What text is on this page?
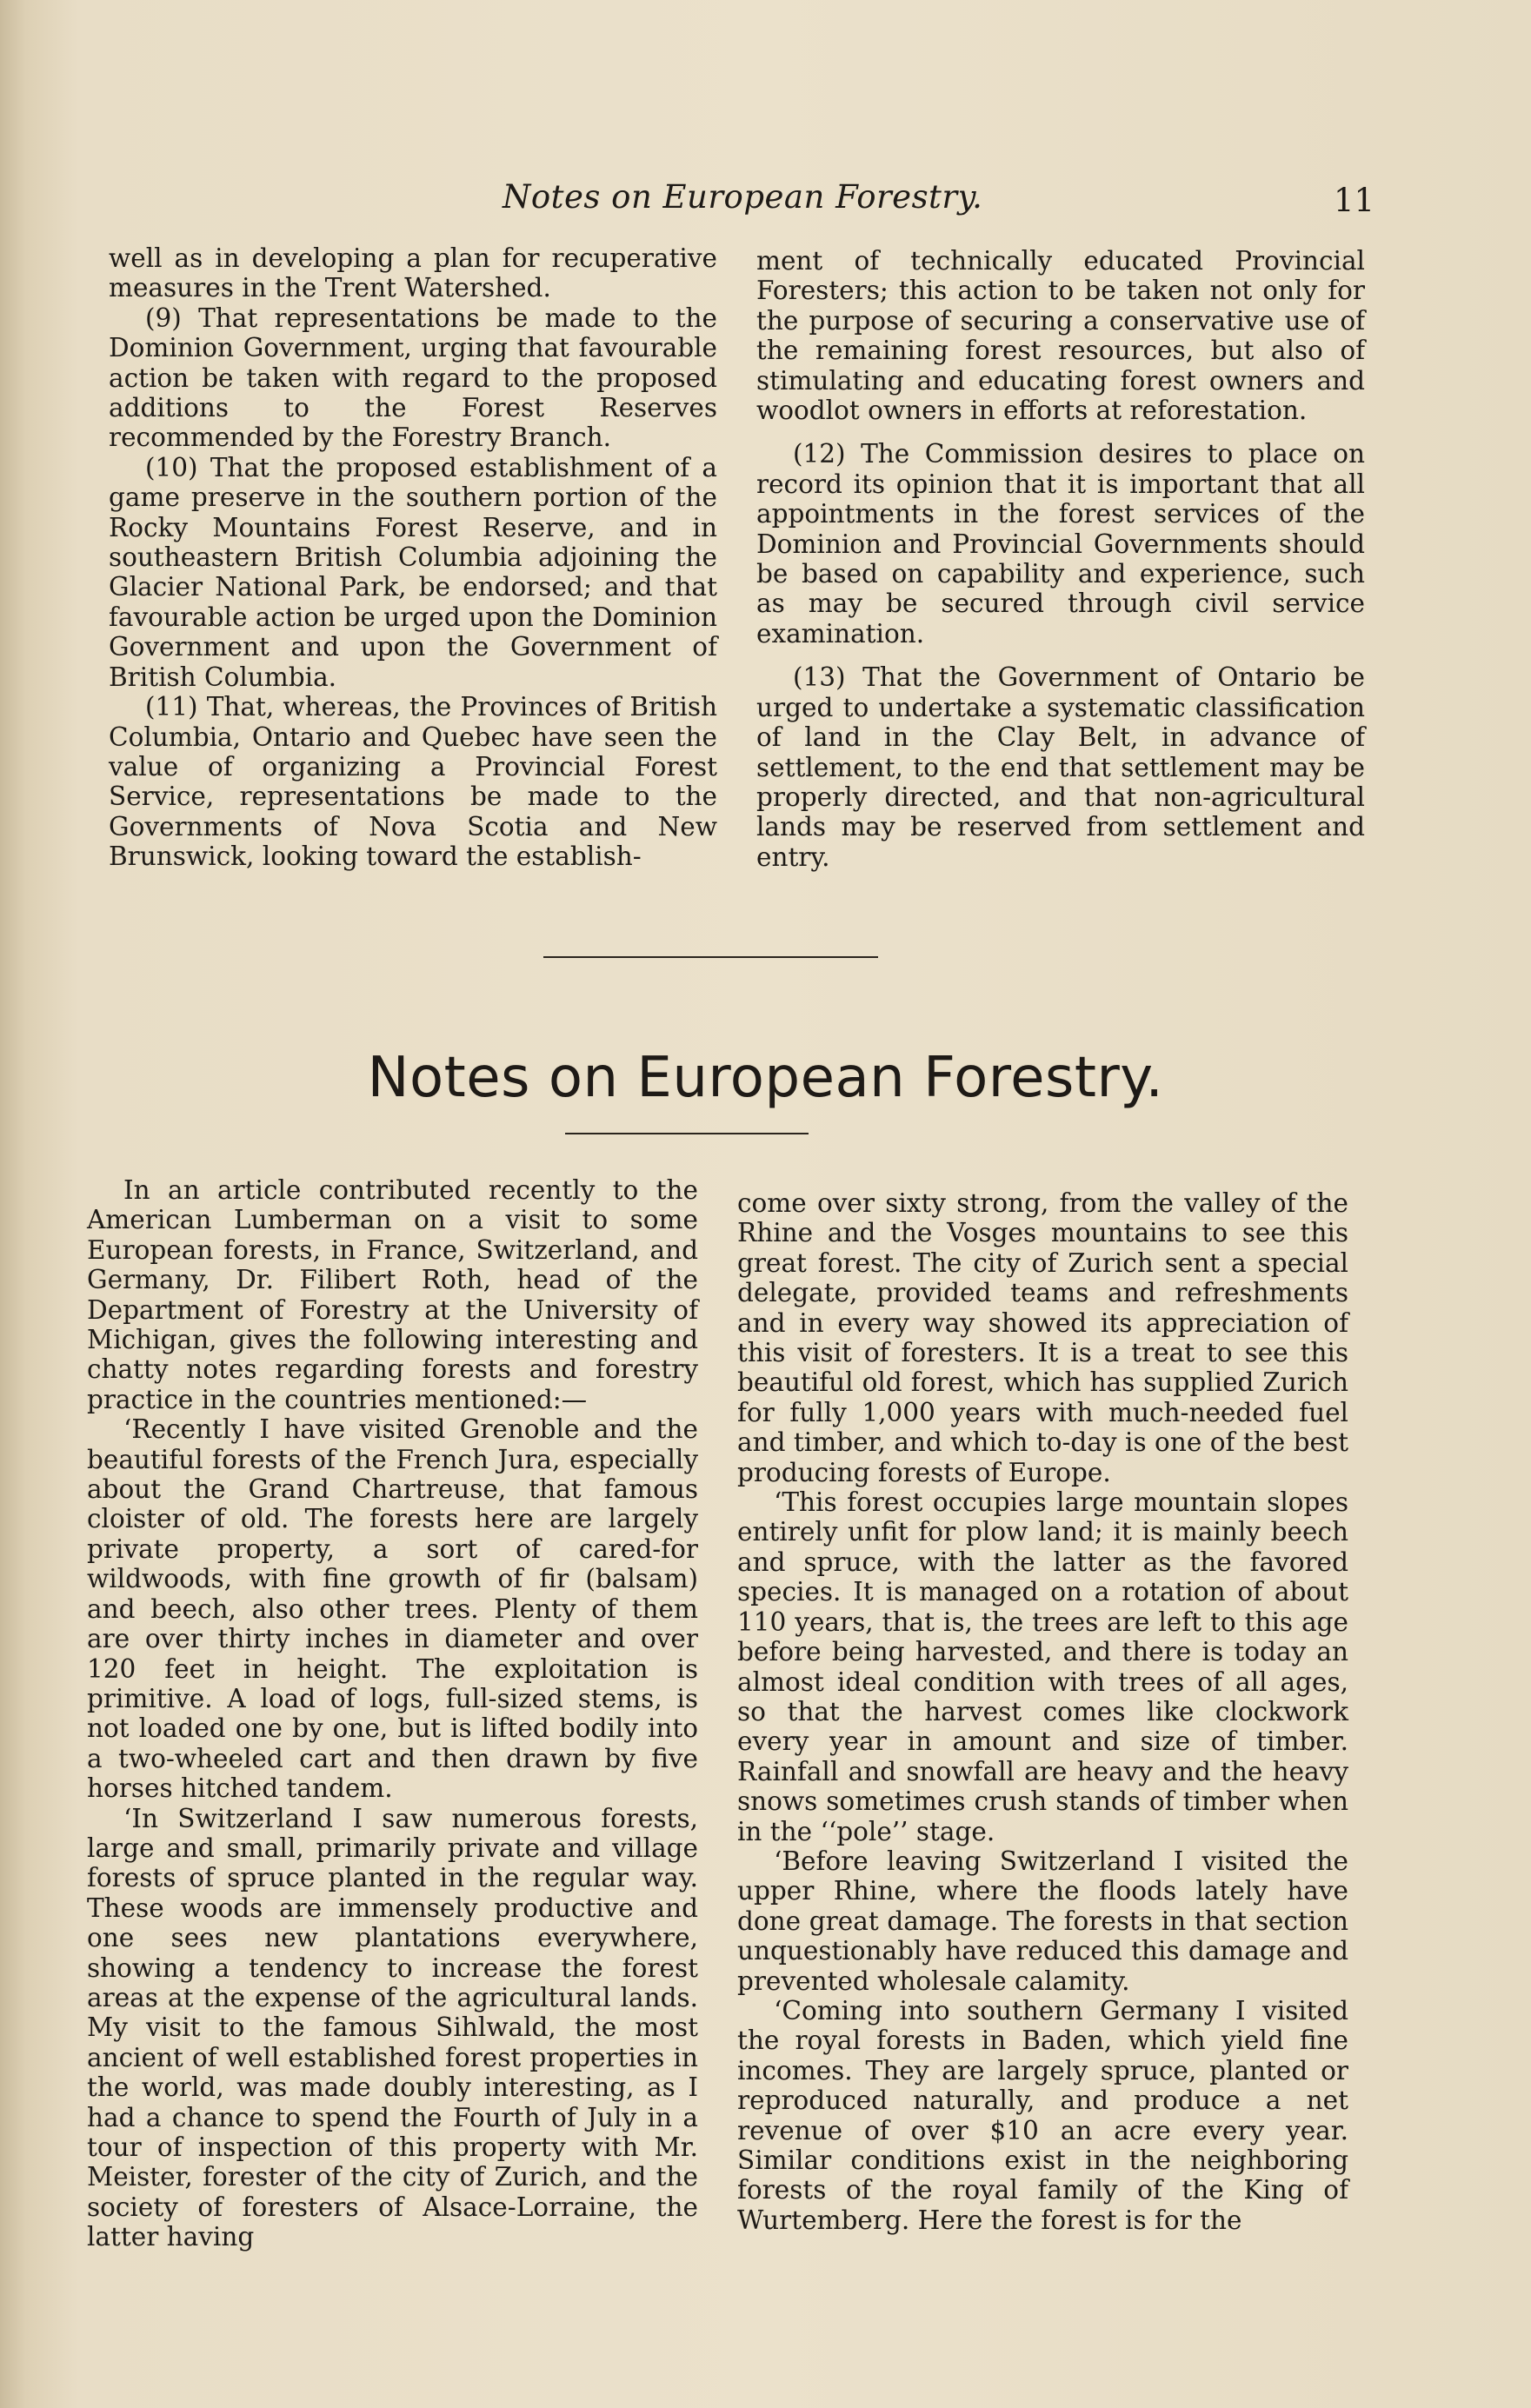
Notes on European Forestry.	11

well as in developing a plan for recuperative measures in the Trent Watershed.

(9) That representations be made to the Dominion Government, urging that favourable action be taken with regard to the proposed additions to the Forest Reserves recommended by the Forestry Branch.

(10) That the proposed establishment of a game preserve in the southern portion of the Rocky Mountains Forest Reserve, and in southeastern British Columbia adjoining the Glacier National Park, be endorsed; and that favourable action be urged upon the Dominion Government and upon the Government of British Columbia.

(11) That, whereas, the Provinces of British Columbia, Ontario and Quebec have seen the value of organizing a Provincial Forest Service, representations be made to the Governments of Nova Scotia and New Brunswick, looking toward the establish-

ment of technically educated Provincial Foresters; this action to be taken not only for the purpose of securing a conservative use of the remaining forest resources, but also of stimulating and educating forest owners and woodlot owners in efforts at reforestation.

(12) The Commission desires to place on record its opinion that it is important that all appointments in the forest services of the Dominion and Provincial Governments should be based on capability and experience, such as may be secured through civil service examination.

(13) That the Government of Ontario be urged to undertake a systematic classification of land in the Clay Belt, in advance of settlement, to the end that settlement may be properly directed, and that non-agricultural lands may be reserved from settlement and entry.

Notes on European Forestry.

In an article contributed recently to the American Lumberman on a visit to some European forests, in France, Switzerland, and Germany, Dr. Filibert Roth, head of the Department of Forestry at the University of Michigan, gives the following interesting and chatty notes regarding forests and forestry practice in the countries mentioned:—

‘Recently I have visited Grenoble and the beautiful forests of the French Jura, especially about the Grand Chartreuse, that famous cloister of old. The forests here are largely private property, a sort of cared-for wildwoods, with fine growth of fir (balsam) and beech, also other trees. Plenty of them are over thirty inches in diameter and over 120 feet in height. The exploitation is primitive. A load of logs, full-sized stems, is not loaded one by one, but is lifted bodily into a two-wheeled cart and then drawn by five horses hitched tandem.

‘In Switzerland I saw numerous forests, large and small, primarily private and village forests of spruce planted in the regular way. These woods are immensely productive and one sees new plantations everywhere, showing a tendency to increase the forest areas at the expense of the agricultural lands. My visit to the famous Sihlwald, the most ancient of well established forest properties in the world, was made doubly interesting, as I had a chance to spend the Fourth of July in a tour of inspection of this property with Mr. Meister, forester of the city of Zurich, and the society of foresters of Alsace-Lorraine, the latter having

come over sixty strong, from the valley of the Rhine and the Vosges mountains to see this great forest. The city of Zurich sent a special delegate, provided teams and refreshments and in every way showed its appreciation of this visit of foresters. It is a treat to see this beautiful old forest, which has supplied Zurich for fully 1,000 years with much-needed fuel and timber, and which to-day is one of the best producing forests of Europe.

‘This forest occupies large mountain slopes entirely unfit for plow land; it is mainly beech and spruce, with the latter as the favored species. It is managed on a rotation of about 110 years, that is, the trees are left to this age before being harvested, and there is today an almost ideal condition with trees of all ages, so that the harvest comes like clockwork every year in amount and size of timber. Rainfall and snowfall are heavy and the heavy snows sometimes crush stands of timber when in the ‘‘pole’’ stage.

‘Before leaving Switzerland I visited the upper Rhine, where the floods lately have done great damage. The forests in that section unquestionably have reduced this damage and prevented wholesale calamity.

‘Coming into southern Germany I visited the royal forests in Baden, which yield fine incomes. They are largely spruce, planted or reproduced naturally, and produce a net revenue of over $10 an acre every year. Similar conditions exist in the neighboring forests of the royal family of the King of Wurtemberg. Here the forest is for the
